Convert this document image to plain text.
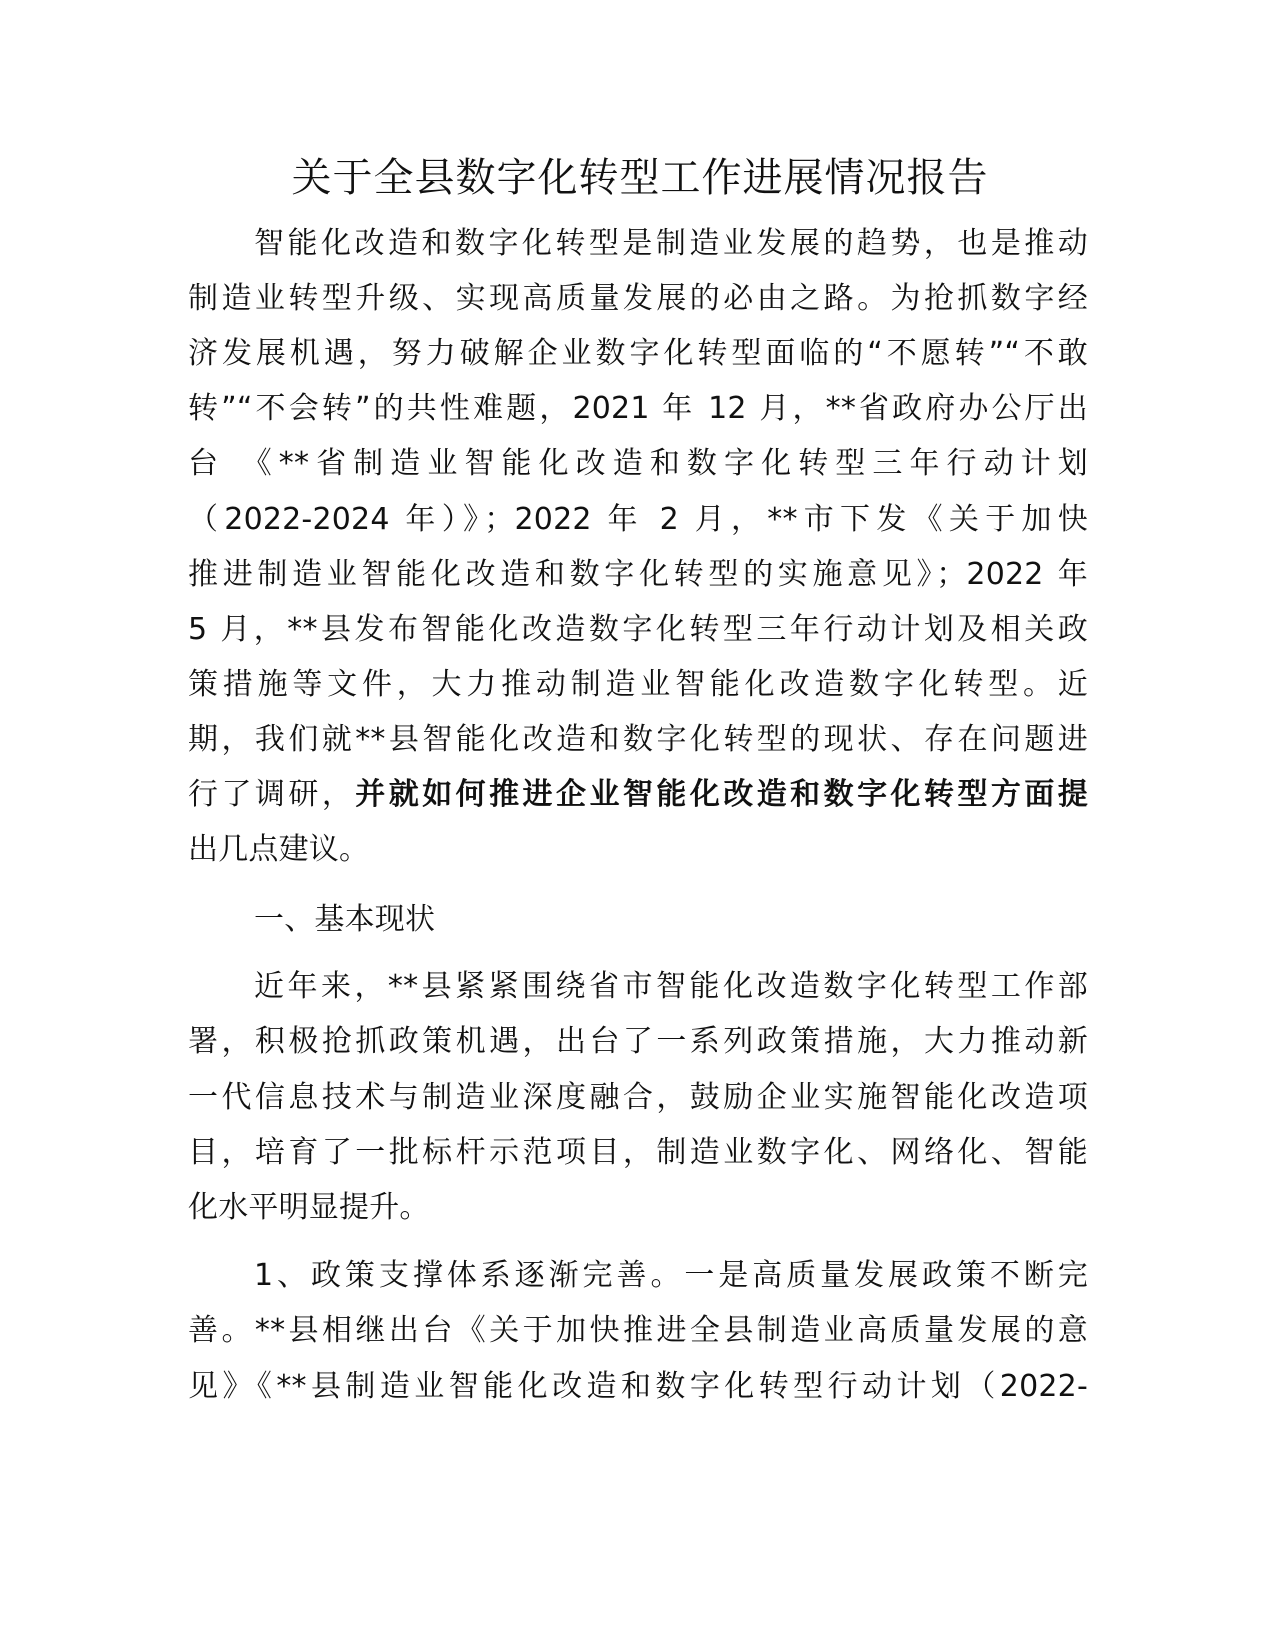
关于全县数字化转型工作进展情况报告
智能化改造和数字化转型是制造业发展的趋势，也是推动
制造业转型升级、实现高质量发展的必由之路。为抢抓数字经
济发展机遇，努力破解企业数字化转型面临的“不愿转”“不敢
转”“不会转”的共性难题，2021 年 12 月，**省政府办公厅出
台 《**省制造业智能化改造和数字化转型三年行动计划
（2022-2024 年）》；2022 年 2 月，**市下发《关于加快
推进制造业智能化改造和数字化转型的实施意见》；2022 年
5 月，**县发布智能化改造数字化转型三年行动计划及相关政
策措施等文件，大力推动制造业智能化改造数字化转型。近
期，我们就**县智能化改造和数字化转型的现状、存在问题进
行了调研，并就如何推进企业智能化改造和数字化转型方面提
出几点建议。
一、基本现状
近年来，**县紧紧围绕省市智能化改造数字化转型工作部
署，积极抢抓政策机遇，出台了一系列政策措施，大力推动新
一代信息技术与制造业深度融合，鼓励企业实施智能化改造项
目，培育了一批标杆示范项目，制造业数字化、网络化、智能
化水平明显提升。
1、政策支撑体系逐渐完善。一是高质量发展政策不断完
善。**县相继出台《关于加快推进全县制造业高质量发展的意
见》《**县制造业智能化改造和数字化转型行动计划（2022-
